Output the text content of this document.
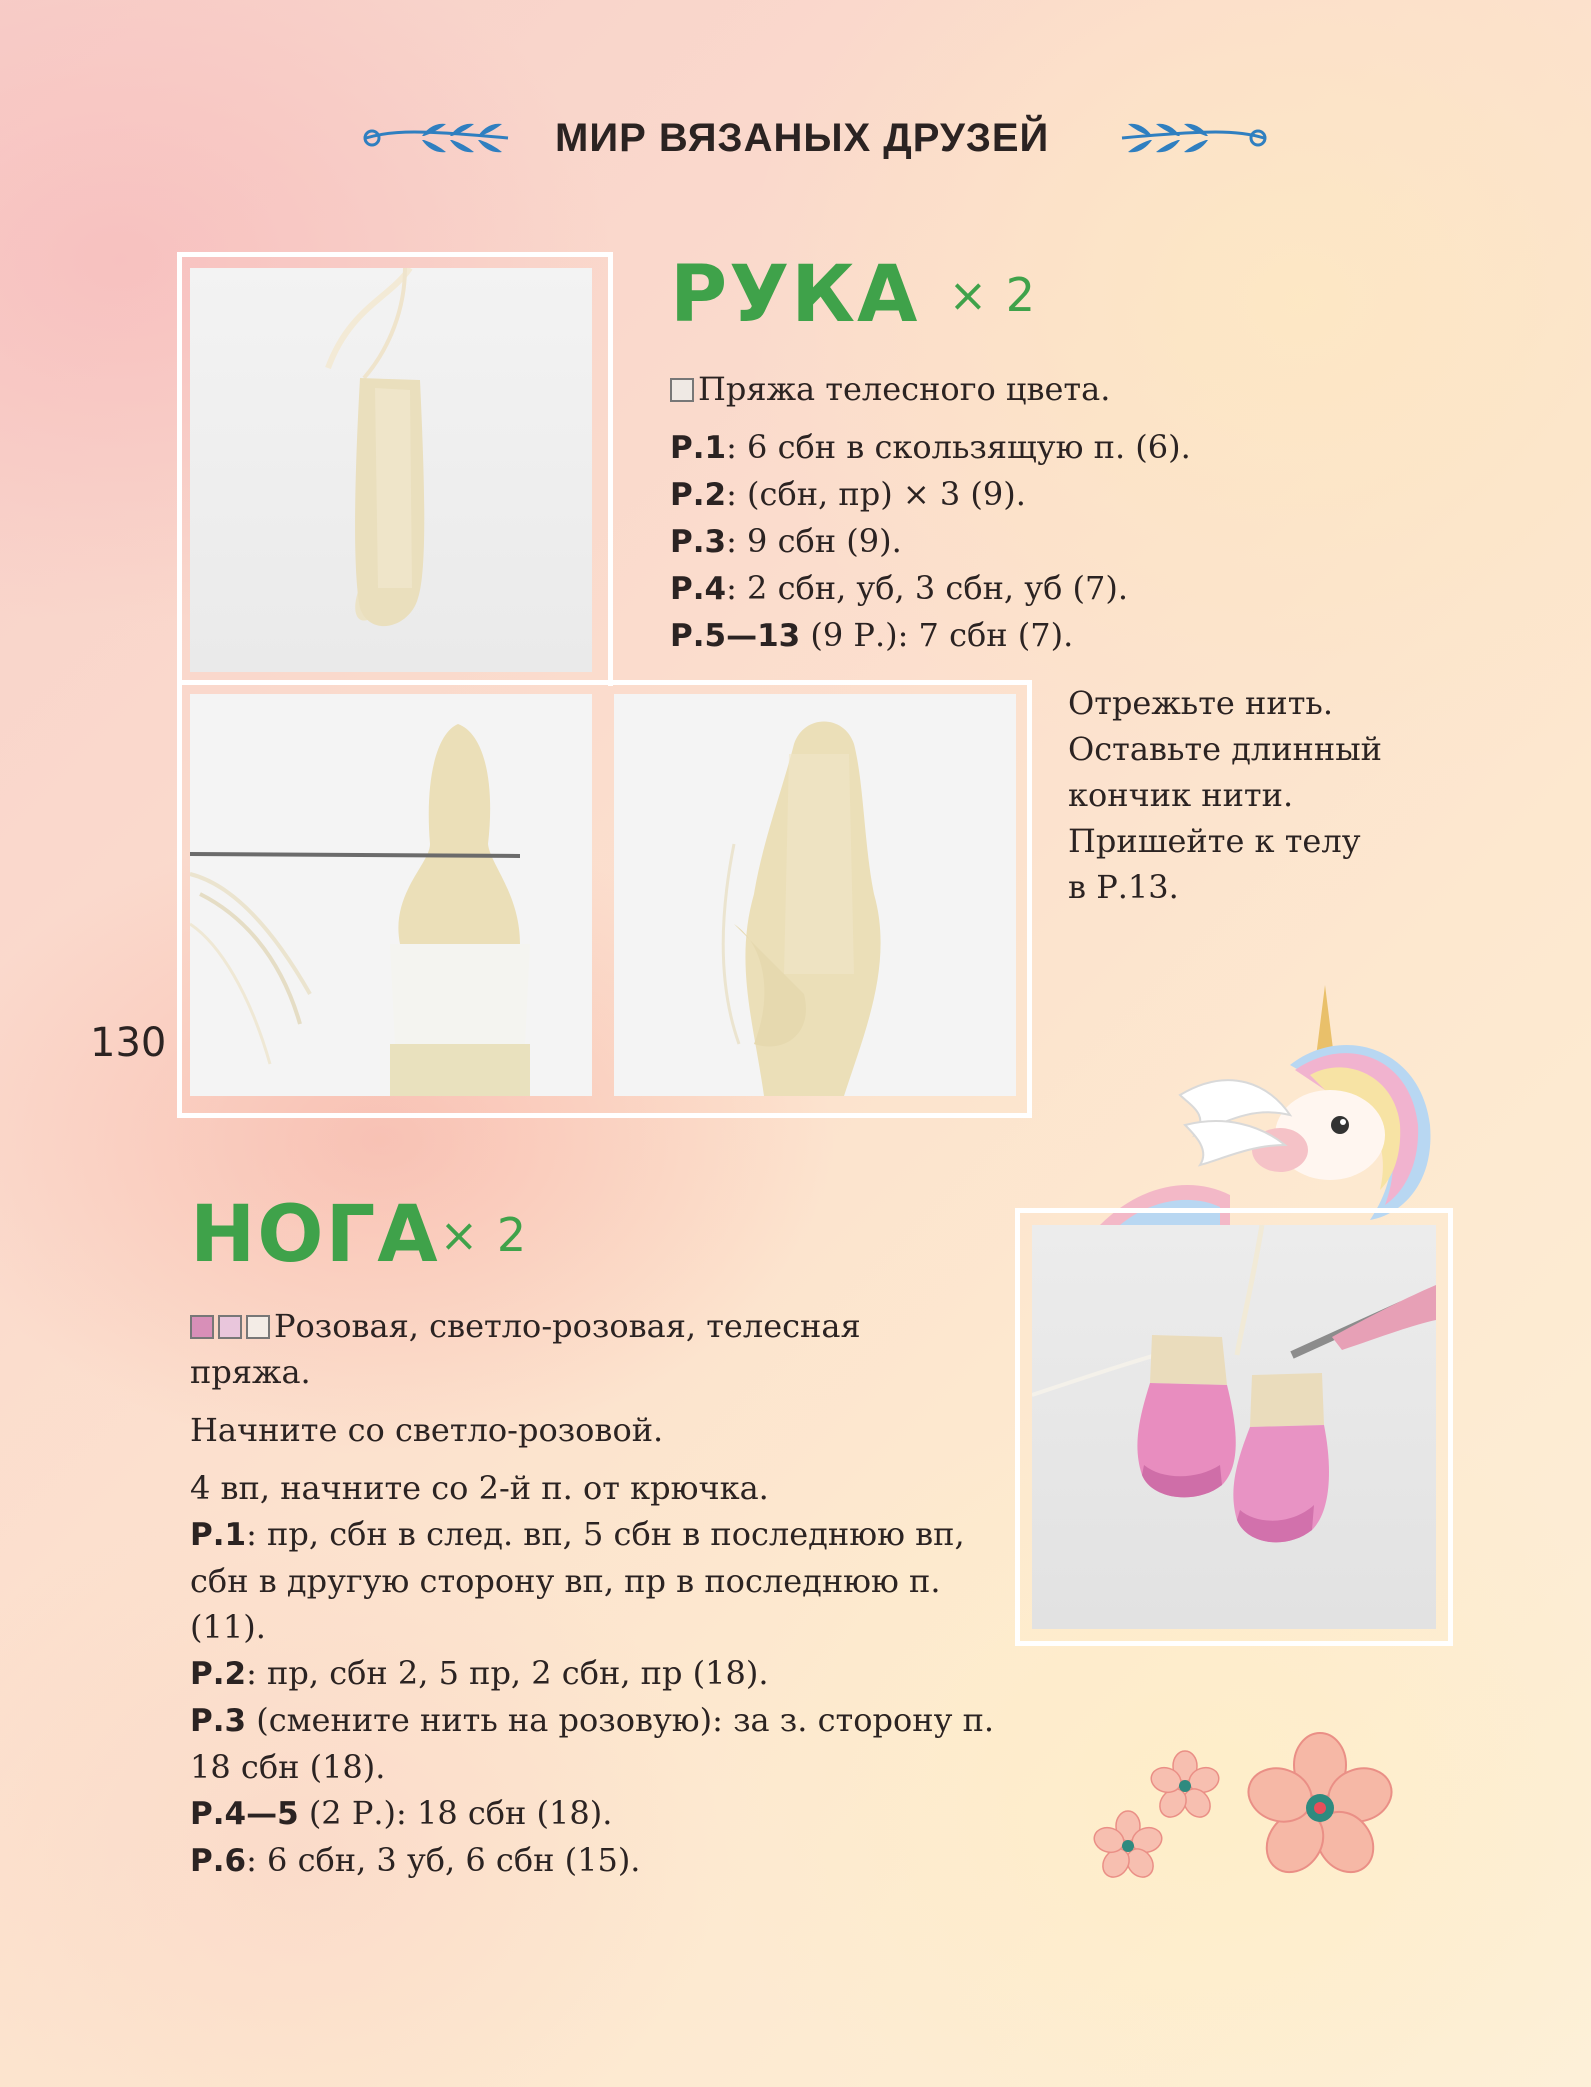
МИР ВЯЗАНЫХ ДРУЗЕЙ
РУКА × 2
Пряжа телесного цвета.
Р.1: 6 сбн в скользящую п. (6).
Р.2: (сбн, пр) × 3 (9).
Р.3: 9 сбн (9).
Р.4: 2 сбн, уб, 3 сбн, уб (7).
Р.5—13 (9 Р.): 7 сбн (7).
Отрежьте нить.
Оставьте длинный
кончик нити.
Пришейте к телу
в Р.13.
130
НОГА× 2
Розовая, светло-розовая, телесная
пряжа.
Начните со светло-розовой.
4 вп, начните со 2-й п. от крючка.
Р.1: пр, сбн в след. вп, 5 сбн в последнюю вп,
сбн в другую сторону вп, пр в последнюю п.
(11).
Р.2: пр, сбн 2, 5 пр, 2 сбн, пр (18).
Р.3 (смените нить на розовую): за з. сторону п.
18 сбн (18).
Р.4—5 (2 Р.): 18 сбн (18).
Р.6: 6 сбн, 3 уб, 6 сбн (15).
